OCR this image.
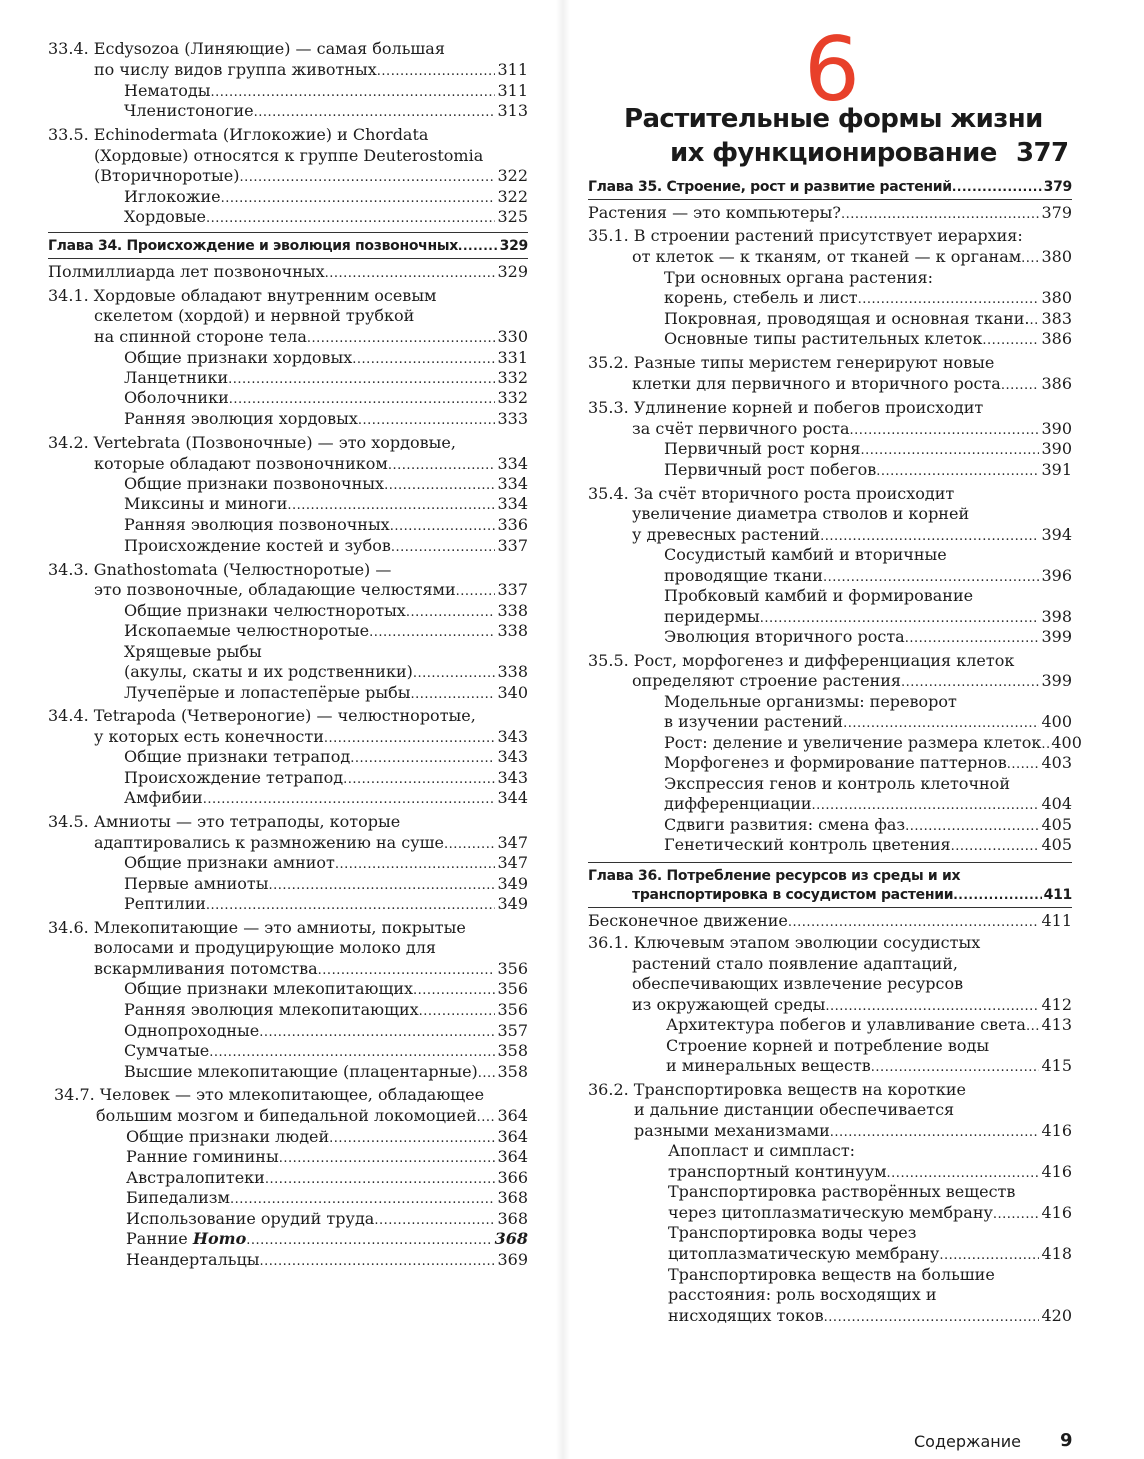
33.4. Ecdysozoa (Линяющие) — самая большая
по числу видов группа животных .....	311
Нематоды .....	311
Членистоногие .....	313
33.5. Echinodermata (Иглокожие) и Chordata
(Хордовые) относятся к группе Deuterostomia
(Вторичноротые) .....	322
Иглокожие .....	322
Хордовые .....	325
Глава 34. Происхождение и эволюция позвоночных .....	329
Полмиллиарда лет позвоночных .....	329
34.1. Хордовые обладают внутренним осевым
скелетом (хордой) и нервной трубкой
на спинной стороне тела .....	330
Общие признаки хордовых .....	331
Ланцетники .....	332
Оболочники .....	332
Ранняя эволюция хордовых .....	333
34.2. Vertebrata (Позвоночные) — это хордовые,
которые обладают позвоночником .....	334
Общие признаки позвоночных .....	334
Миксины и миноги .....	334
Ранняя эволюция позвоночных .....	336
Происхождение костей и зубов .....	337
34.3. Gnathostomata (Челюстноротые) —
это позвоночные, обладающие челюстями .....	337
Общие признаки челюстноротых .....	338
Ископаемые челюстноротые .....	338
Хрящевые рыбы
(акулы, скаты и их родственники) .....	338
Лучепёрые и лопастепёрые рыбы .....	340
34.4. Tetrapoda (Четвероногие) — челюстноротые,
у которых есть конечности .....	343
Общие признаки тетрапод .....	343
Происхождение тетрапод .....	343
Амфибии .....	344
34.5. Амниоты — это тетраподы, которые
адаптировались к размножению на суше .....	347
Общие признаки амниот .....	347
Первые амниоты .....	349
Рептилии .....	349
34.6. Млекопитающие — это амниоты, покрытые
волосами и продуцирующие молоко для
вскармливания потомства .....	356
Общие признаки млекопитающих .....	356
Ранняя эволюция млекопитающих .....	356
Однопроходные .....	357
Сумчатые .....	358
Высшие млекопитающие (плацентарные) ..... 358
34.7. Человек — это млекопитающее, обладающее
большим мозгом и бипедальной локомоцией ..... 364
Общие признаки людей .....	364
Ранние гоминины .....	364
Австралопитеки .....	366
Бипедализм .....	368
Использование орудий труда .....	368
Ранние
Homo .....	368
Неандертальцы .....	369
6
Растительные формы жизни
их функционирование 377
Глава 35. Строение, рост и развитие растений .....	379
Растения — это компьютеры? .....	379
35.1. В строении растений присутствует иерархия:
от клеток — к тканям, от тканей — к органам ..... 380
Три основных органа растения:
корень, стебель и лист .....	380
Покровная, проводящая и основная ткани. ..... 383
Основные типы растительных клеток .....	386
35.2. Разные типы меристем генерируют новые
клетки для первичного и вторичного роста .....	386
35.3. Удлинение корней и побегов происходит
за счёт первичного роста .....	390
Первичный рост корня .....	390
Первичный рост побегов .....	391
35.4. За счёт вторичного роста происходит
увеличение диаметра стволов и корней
у древесных растений .....	394
Сосудистый камбий и вторичные
проводящие ткани .....	396
Пробковый камбий и формирование
перидермы .....	398
Эволюция вторичного роста .....	399
35.5. Рост, морфогенез и дифференциация клеток
определяют строение растения .....	399
Модельные организмы: переворот
в изучении растений .....	400
Рост: деление и увеличение размера клеток ..... 400
Морфогенез и формирование паттернов ..... 403
Экспрессия генов и контроль клеточной
дифференциации .....	404
Сдвиги развития: смена фаз .....	405
Генетический контроль цветения .....	405
Глава 36. Потребление ресурсов из среды и их
транспортировка в сосудистом растении .....	411
Бесконечное движение .....	411
36.1. Ключевым этапом эволюции сосудистых
растений стало появление адаптаций,
обеспечивающих извлечение ресурсов
из окружающей среды .....	412
Архитектура побегов и улавливание света ..... 413
Строение корней и потребление воды
и минеральных веществ .....	415
36.2. Транспортировка веществ на короткие
и дальние дистанции обеспечивается
разными механизмами .....	416
Апопласт и симпласт:
транспортный континуум .....	416
Транспортировка растворённых веществ
через цитоплазматическую мембрану .....	416
Транспортировка воды через
цитоплазматическую мембрану .....	418
Транспортировка веществ на большие
расстояния: роль восходящих и
нисходящих токов .....	420
Содержание 9
